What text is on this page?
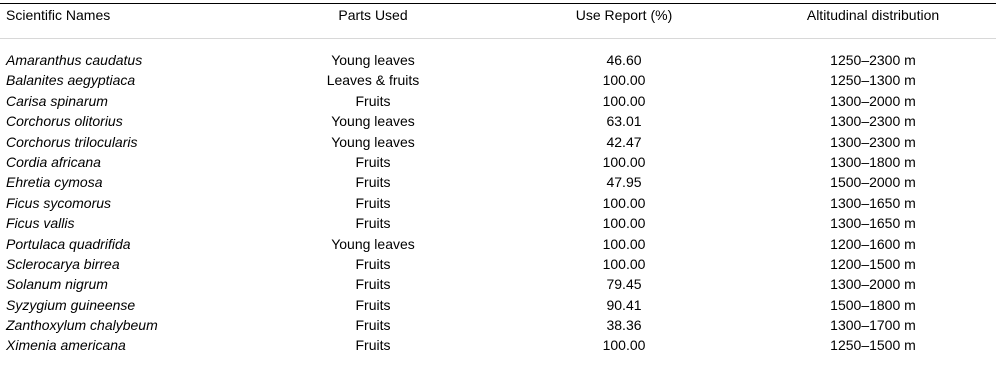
Scientific Names	Parts Used	Use Report (%)	Altitudinal distribution
Amaranthus caudatus	Young leaves	46.60	1250–2300 m
Balanites aegyptiaca	Leaves & fruits	100.00	1250–1300 m
Carisa spinarum	Fruits	100.00	1300–2000 m
Corchorus olitorius	Young leaves	63.01	1300–2300 m
Corchorus trilocularis	Young leaves	42.47	1300–2300 m
Cordia africana	Fruits	100.00	1300–1800 m
Ehretia cymosa	Fruits	47.95	1500–2000 m
Ficus sycomorus	Fruits	100.00	1300–1650 m
Ficus vallis	Fruits	100.00	1300–1650 m
Portulaca quadrifida	Young leaves	100.00	1200–1600 m
Sclerocarya birrea	Fruits	100.00	1200–1500 m
Solanum nigrum	Fruits	79.45	1300–2000 m
Syzygium guineense	Fruits	90.41	1500–1800 m
Zanthoxylum chalybeum	Fruits	38.36	1300–1700 m
Ximenia americana	Fruits	100.00	1250–1500 m
